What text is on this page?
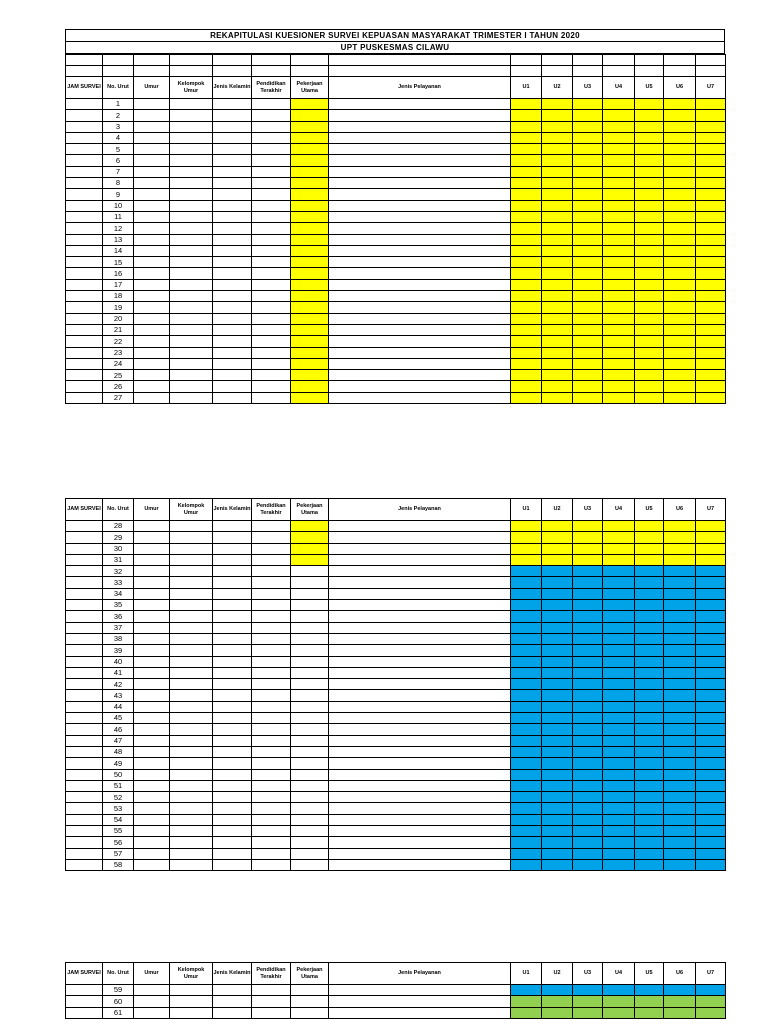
REKAPITULASI KUESIONER SURVEI KEPUASAN MASYARAKAT TRIMESTER I TAHUN 2020
UPT PUSKESMAS CILAWU

JAM SURVEI	No. Urut	Umur	Kelompok Umur	Jenis Kelamin	Pendidikan Terakhir	Pekerjaan Utama	Jenis Pelayanan	U1	U2	U3	U4	U5	U6	U7
	1													
	2													
	3													
	4													
	5													
	6													
	7													
	8													
	9													
	10													
	11													
	12													
	13													
	14													
	15													
	16													
	17													
	18													
	19													
	20													
	21													
	22													
	23													
	24													
	25													
	26													
	27													
JAM SURVEI	No. Urut	Umur	Kelompok Umur	Jenis Kelamin	Pendidikan Terakhir	Pekerjaan Utama	Jenis Pelayanan	U1	U2	U3	U4	U5	U6	U7
	28													
	29													
	30													
	31													
	32													
	33													
	34													
	35													
	36													
	37													
	38													
	39													
	40													
	41													
	42													
	43													
	44													
	45													
	46													
	47													
	48													
	49													
	50													
	51													
	52													
	53													
	54													
	55													
	56													
	57													
	58													
JAM SURVEI	No. Urut	Umur	Kelompok Umur	Jenis Kelamin	Pendidikan Terakhir	Pekerjaan Utama	Jenis Pelayanan	U1	U2	U3	U4	U5	U6	U7
	59													
	60													
	61													
